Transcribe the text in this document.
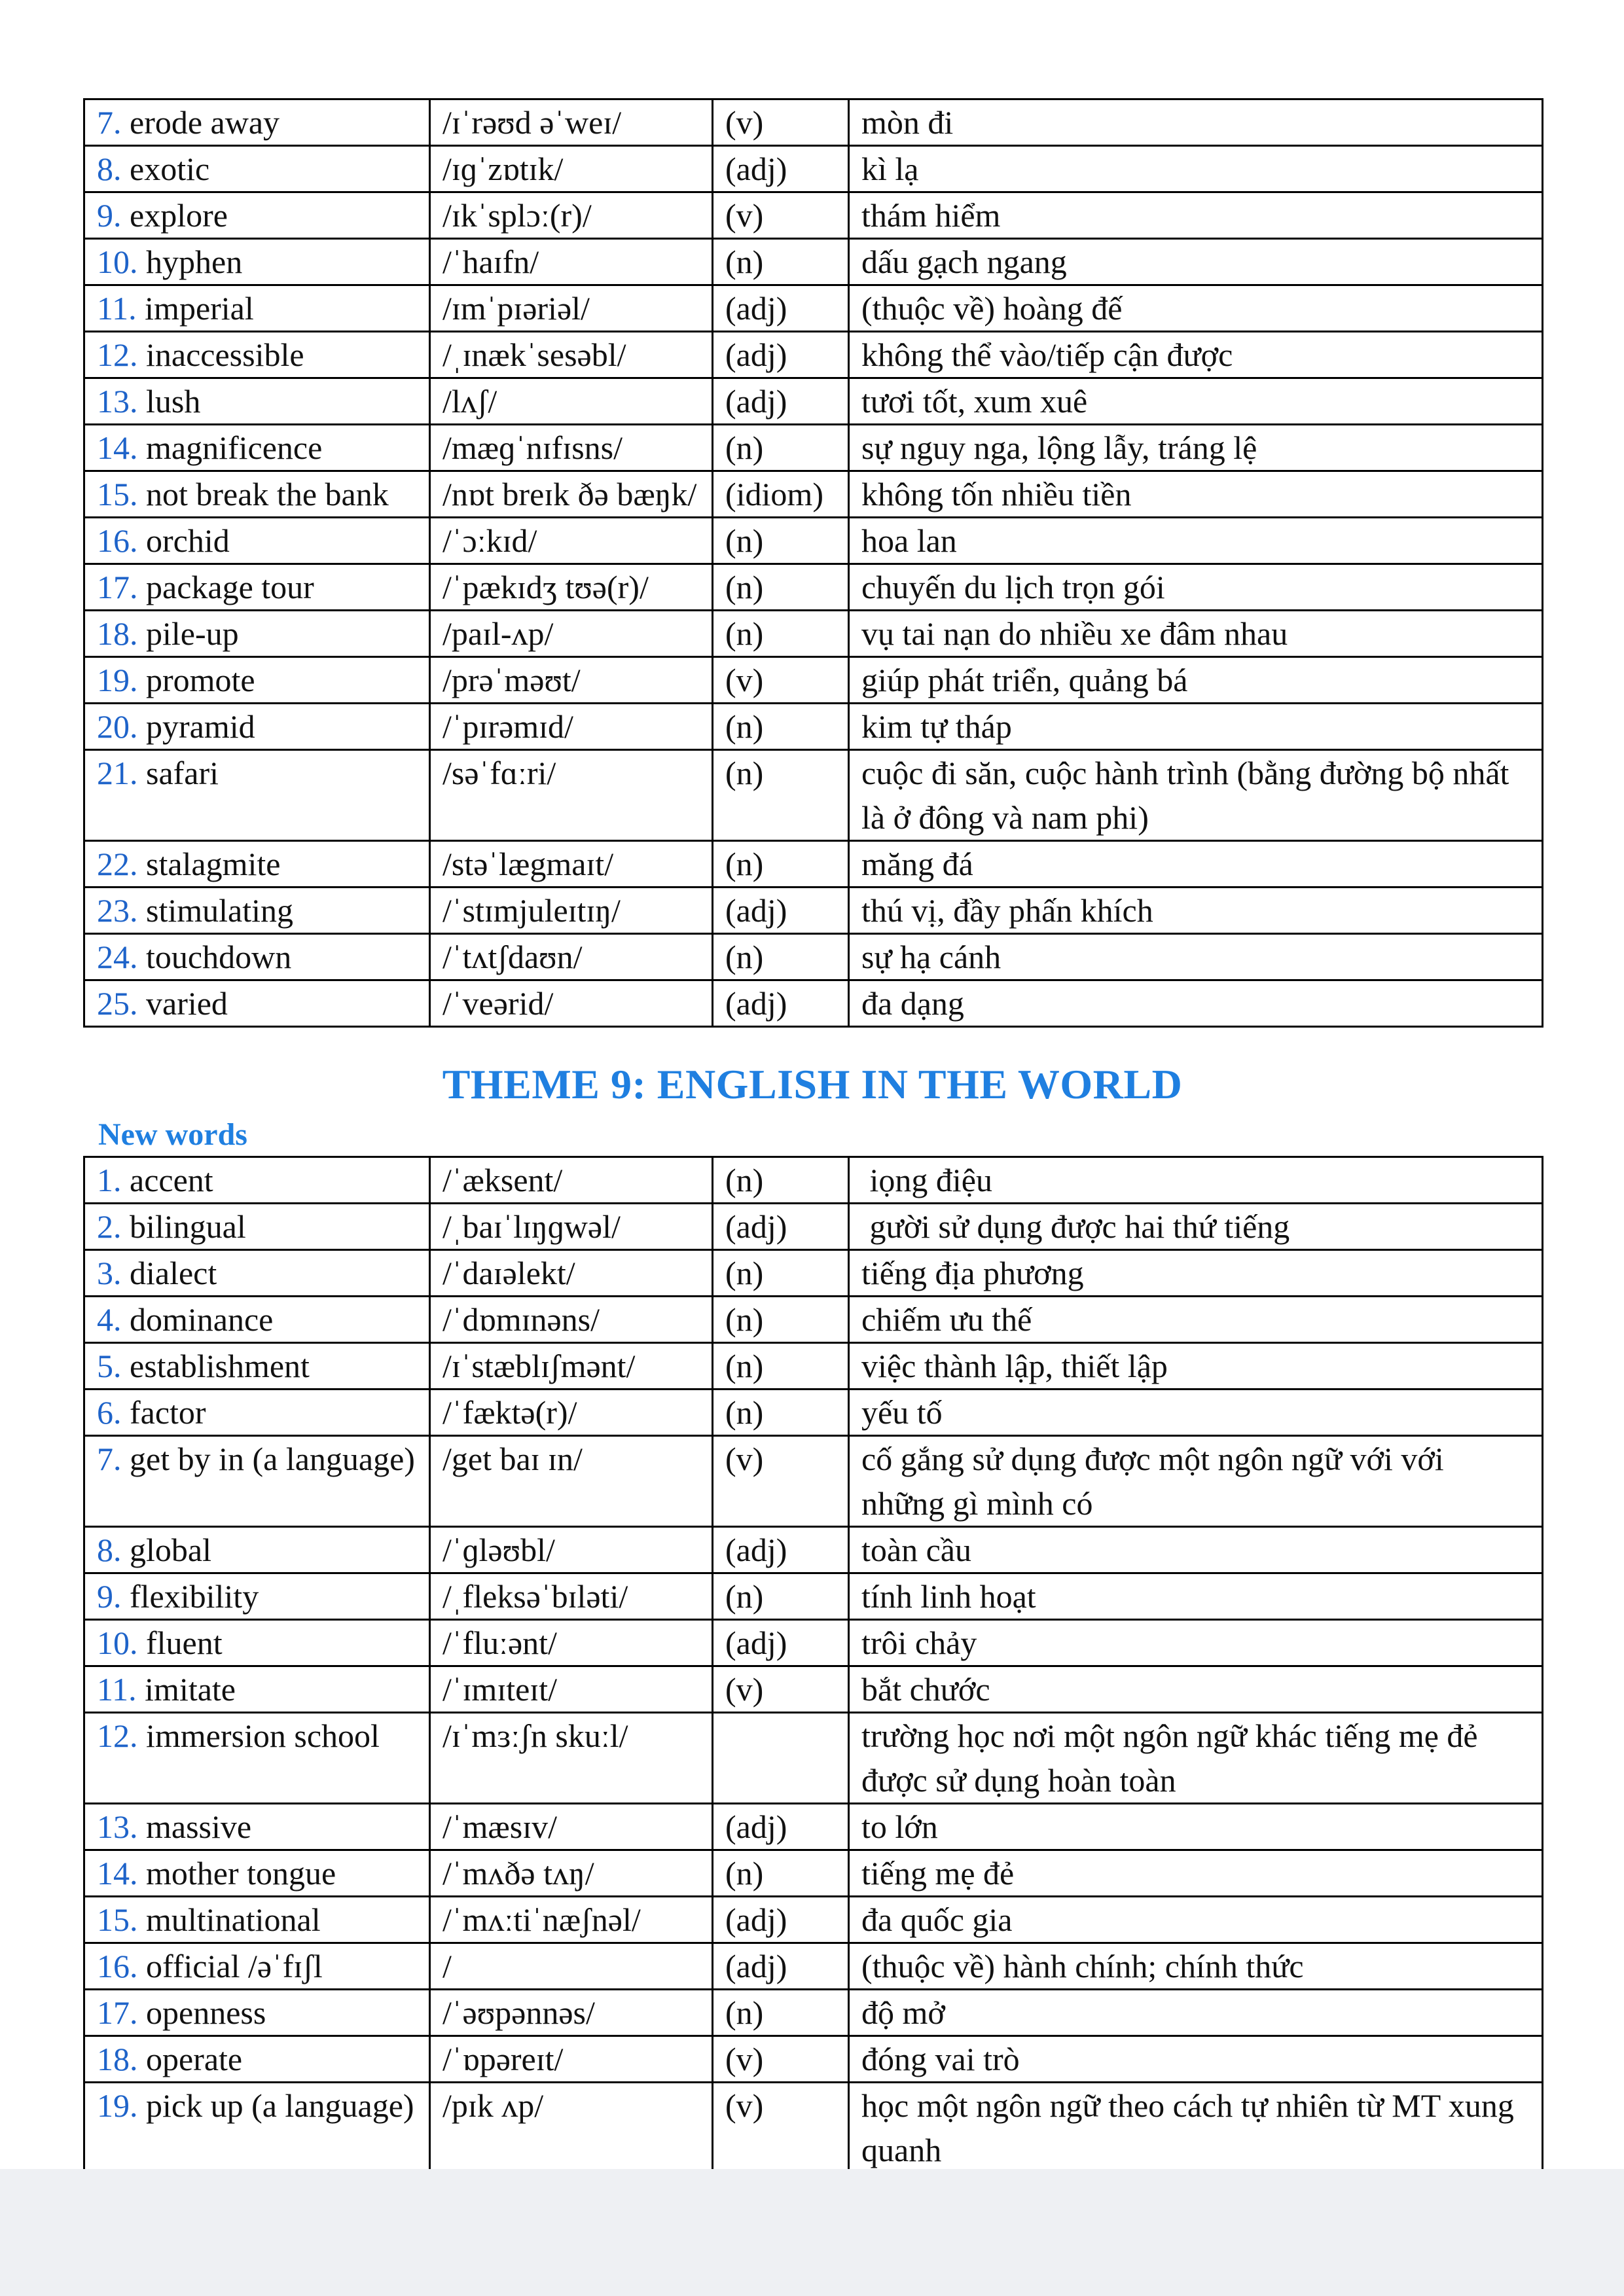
7. erode away	/ɪˈrəʊd əˈweɪ/	(v)	mòn đi
8. exotic	/ɪɡˈzɒtɪk/	(adj)	kì lạ
9. explore	/ɪkˈsplɔː(r)/	(v)	thám hiểm
10. hyphen	/ˈhaɪfn/	(n)	dấu gạch ngang
11. imperial	/ɪmˈpɪəriəl/	(adj)	(thuộc về) hoàng đế
12. inaccessible	/ˌɪnækˈsesəbl/	(adj)	không thể vào/tiếp cận được
13. lush	/lʌʃ/	(adj)	tươi tốt, xum xuê
14. magnificence	/mæɡˈnɪfɪsns/	(n)	sự nguy nga, lộng lẫy, tráng lệ
15. not break the bank	/nɒt breɪk ðə bæŋk/	(idiom)	không tốn nhiều tiền
16. orchid	/ˈɔːkɪd/	(n)	hoa lan
17. package tour	/ˈpækɪdʒ tʊə(r)/	(n)	chuyến du lịch trọn gói
18. pile-up	/paɪl-ʌp/	(n)	vụ tai nạn do nhiều xe đâm nhau
19. promote	/prəˈməʊt/	(v)	giúp phát triển, quảng bá
20. pyramid	/ˈpɪrəmɪd/	(n)	kim tự tháp
21. safari	/səˈfɑːri/	(n)	cuộc đi săn, cuộc hành trình (bằng đường bộ nhất là ở đông và nam phi)
22. stalagmite	/stəˈlægmaɪt/	(n)	măng đá
23. stimulating	/ˈstɪmjuleɪtɪŋ/	(adj)	thú vị, đầy phấn khích
24. touchdown	/ˈtʌtʃdaʊn/	(n)	sự hạ cánh
25. varied	/ˈveərid/	(adj)	đa dạng
THEME 9: ENGLISH IN THE WORLD
New words
1. accent	/ˈæksent/	(n)	iọng điệu
2. bilingual	/ˌbaɪˈlɪŋɡwəl/	(adj)	gười sử dụng được hai thứ tiếng
3. dialect	/ˈdaɪəlekt/	(n)	tiếng địa phương
4. dominance	/ˈdɒmɪnəns/	(n)	chiếm ưu thế
5. establishment	/ɪˈstæblɪʃmənt/	(n)	việc thành lập, thiết lập
6. factor	/ˈfæktə(r)/	(n)	yếu tố
7. get by in (a language)	/get baɪ ɪn/	(v)	cố gắng sử dụng được một ngôn ngữ với với những gì mình có
8. global	/ˈɡləʊbl/	(adj)	toàn cầu
9. flexibility	/ˌfleksəˈbɪləti/	(n)	tính linh hoạt
10. fluent	/ˈfluːənt/	(adj)	trôi chảy
11. imitate	/ˈɪmɪteɪt/	(v)	bắt chước
12. immersion school	/ɪˈmɜːʃn skuːl/		trường học nơi một ngôn ngữ khác tiếng mẹ đẻ được sử dụng hoàn toàn
13. massive	/ˈmæsɪv/	(adj)	to lớn
14. mother tongue	/ˈmʌðə tʌŋ/	(n)	tiếng mẹ đẻ
15. multinational	/ˈmʌːtiˈnæʃnəl/	(adj)	đa quốc gia
16. official /əˈfɪʃl	/	(adj)	(thuộc về) hành chính; chính thức
17. openness	/ˈəʊpənnəs/	(n)	độ mở
18. operate	/ˈɒpəreɪt/	(v)	đóng vai trò
19. pick up (a language)	/pɪk ʌp/	(v)	học một ngôn ngữ theo cách tự nhiên từ MT xung quanh
